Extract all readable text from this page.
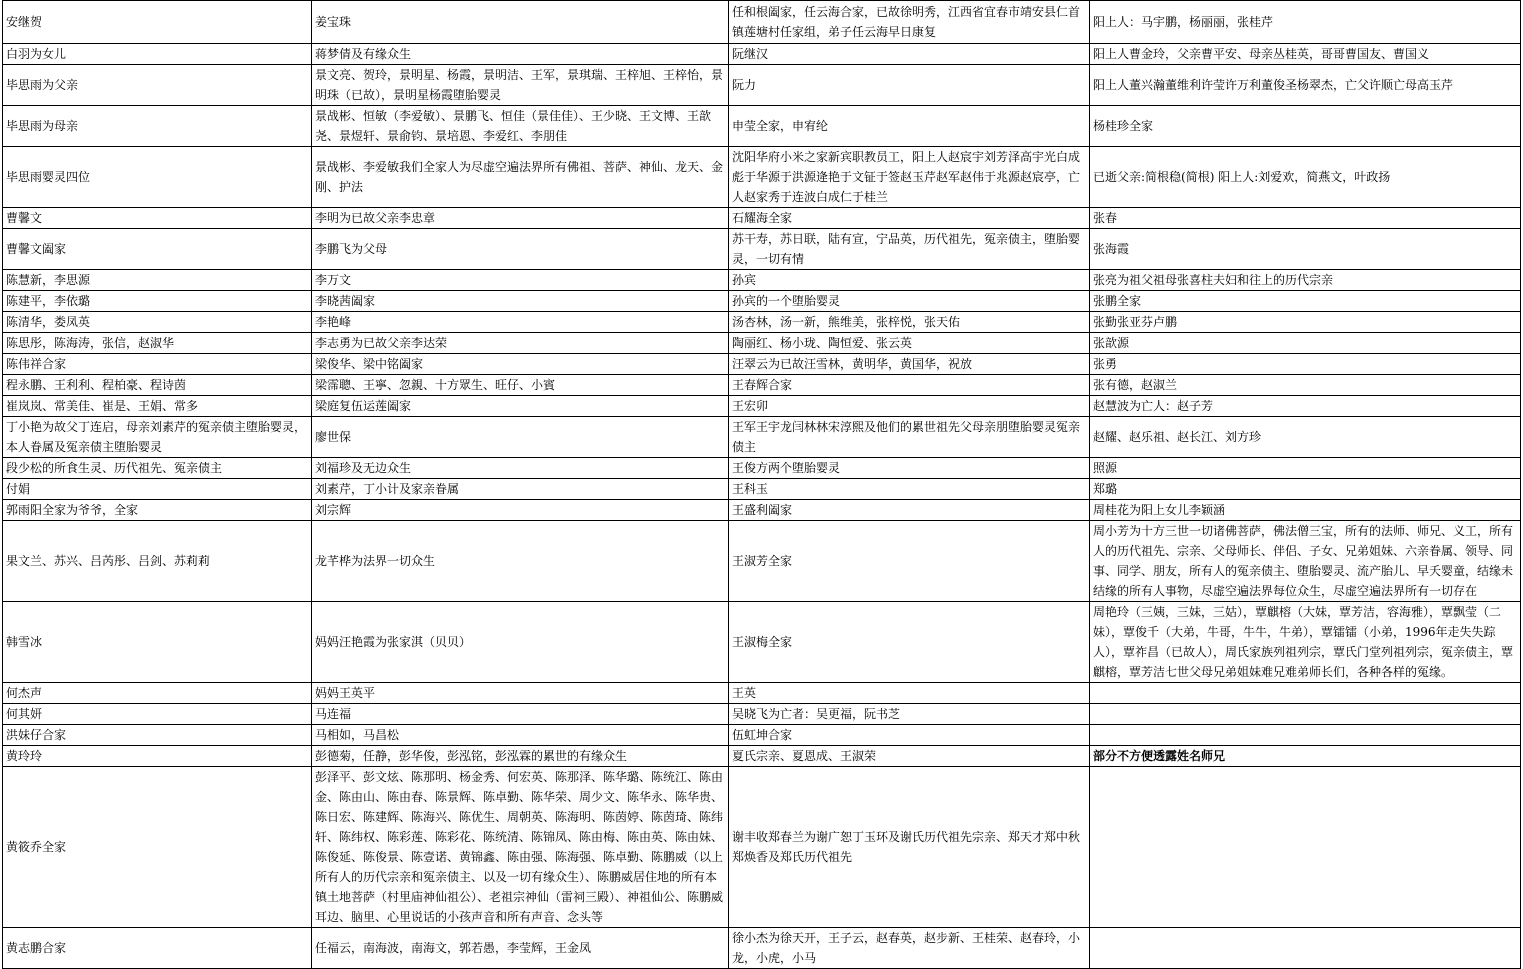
安继贺	姜宝珠	任和根阖家，任云海合家，已故徐明秀，江西省宜春市靖安县仁首镇莲塘村任家组，弟子任云海早日康复	阳上人：马宇鹏，杨丽丽，张桂芹
白羽为女儿	蒋梦倩及有缘众生	阮继汉	阳上人曹金玲，父亲曹平安、母亲丛桂英，哥哥曹国友、曹国义
毕思雨为父亲	景文亮、贺玲，景明星、杨霞，景明洁、王军，景琪瑞、王梓旭、王梓怡，景明珠（已故），景明星杨霞堕胎婴灵	阮力	阳上人董兴瀚董维利许莹许万利董俊圣杨翠杰，亡父许顺亡母高玉芹
毕思雨为母亲	景战彬、恒敏（李爱敏）、景鹏飞、恒佳（景佳佳）、王少晓、王文博、王歆尧、景煜轩、景俞钧、景培恩、李爱红、李朋佳	申莹全家，申宥纶	杨桂珍全家
毕思雨婴灵四位	景战彬、李爱敏我们全家人为尽虚空遍法界所有佛祖、菩萨、神仙、龙天、金刚、护法	沈阳华府小米之家新宾职教员工，阳上人赵宸宇刘芳泽高宇光白成彪于华源于洪源逄艳于文钲于签赵玉芹赵军赵伟于兆源赵宸亭，亡人赵家秀于连波白成仁于桂兰	已逝父亲:简根稳(简根) 阳上人:刘爱欢，简燕文，叶政扬
曹馨文	李明为已故父亲李忠章	石耀海全家	张春
曹馨文阖家	李鹏飞为父母	苏干寿，苏日联，陆有宣，宁品英，历代祖先，冤亲债主，堕胎婴灵，一切有情	张海霞
陈慧新，李思源	李万文	孙宾	张亮为祖父祖母张喜柱夫妇和往上的历代宗亲
陈建平，李依璐	李晓茜阖家	孙宾的一个堕胎婴灵	张鹏全家
陈清华，娄凤英	李艳峰	汤杏林，汤一新，熊维美，张梓悦，张天佑	张勤张亚芬卢鹏
陈思彤，陈海涛，张信，赵淑华	李志勇为已故父亲李达荣	陶丽红、杨小珑、陶恒爱、张云英	张歆源
陈伟祥合家	梁俊华、梁中铭阖家	汪翠云为已故汪雪林，黄明华，黄国华，祝放	张勇
程永鹏、王利利、程柏豪、程诗茵	梁霈聰、王寧、忽親、十方眾生、旺仔、小賓	王春辉合家	张有德，赵淑兰
崔岚岚、常美佳、崔是、王娟、常多	梁庭复伍运莲阖家	王宏卯	赵慧波为亡人：赵子芳
丁小艳为故父丁连启，母亲刘素芹的冤亲债主堕胎婴灵，本人眷属及冤亲债主堕胎婴灵	廖世保	王军王宇龙闫林林宋淳熙及他们的累世祖先父母亲朋堕胎婴灵冤亲债主	赵耀、赵乐祖、赵长江、刘方珍
段少松的所食生灵、历代祖先、冤亲债主	刘福珍及无边众生	王俊方两个堕胎婴灵	照源
付娟	刘素芹，丁小计及家亲眷属	王科玉	郑璐
郭雨阳全家为爷爷，全家	刘宗辉	王盛利阖家	周桂花为阳上女儿李颖涵
果文兰、苏兴、吕芮彤、吕剑、苏莉莉	龙芊桦为法界一切众生	王淑芳全家	周小芳为十方三世一切诸佛菩萨，佛法僧三宝，所有的法师、师兄、义工，所有人的历代祖先、宗亲、父母师长、伴侣、子女、兄弟姐妹、六亲眷属、领导、同事、同学、朋友，所有人的冤亲债主、堕胎婴灵、流产胎儿、早夭婴童，结缘未结缘的所有人事物，尽虚空遍法界每位众生，尽虚空遍法界所有一切存在
韩雪冰	妈妈汪艳霞为张家淇（贝贝）	王淑梅全家	周艳玲（三姨，三妹，三姑），覃麒榕（大妹，覃芳洁，容海雅），覃飘莹（二妹），覃俊千（大弟，牛哥，牛牛，牛弟），覃镭镭（小弟，1996年走失失踪人），覃祚昌（已故人），周氏家族列祖列宗，覃氏门堂列祖列宗，冤亲债主，覃麒榕，覃芳洁七世父母兄弟姐妹难兄难弟师长们，各种各样的冤缘。
何杰声	妈妈王英平	王英	
何其妍	马连福	吴晓飞为亡者：吴更福，阮书芝	
洪妹仔合家	马相如，马昌松	伍虹坤合家	
黄玲玲	彭德菊，任静，彭华俊，彭泓铭，彭泓霖的累世的有缘众生	夏氏宗亲、夏恩成、王淑荣	部分不方便透露姓名师兄
黄筱乔全家	彭泽平、彭文炫、陈那明、杨金秀、何宏英、陈那泽、陈华璐、陈统江、陈由金、陈由山、陈由春、陈景辉、陈卓勤、陈华荣、周少文、陈华永、陈华贵、陈日宏、陈建辉、陈海兴、陈优生、周朝英、陈海明、陈茵婷、陈茵琦、陈纬轩、陈纬权、陈彩莲、陈彩花、陈统清、陈锦凤、陈由梅、陈由英、陈由妹、陈俊延、陈俊景、陈壹诺、黄锦鑫、陈由强、陈海强、陈卓勤、陈鹏威（以上所有人的历代宗亲和冤亲债主、以及一切有缘众生）、陈鹏威居住地的所有本镇土地菩萨（村里庙神仙祖公）、老祖宗神仙（雷祠三殿）、神祖仙公、陈鹏威耳边、脑里、心里说话的小孩声音和所有声音、念头等	谢丰收郑春兰为谢广恕丁玉环及谢氏历代祖先宗亲、郑天才郑中秋郑焕香及郑氏历代祖先	
黄志鹏合家	任福云，南海波，南海文，郭若愚，李莹辉，王金凤	徐小杰为徐天开，王子云，赵春英，赵步新、王桂荣、赵春玲，小龙，小虎，小马	
